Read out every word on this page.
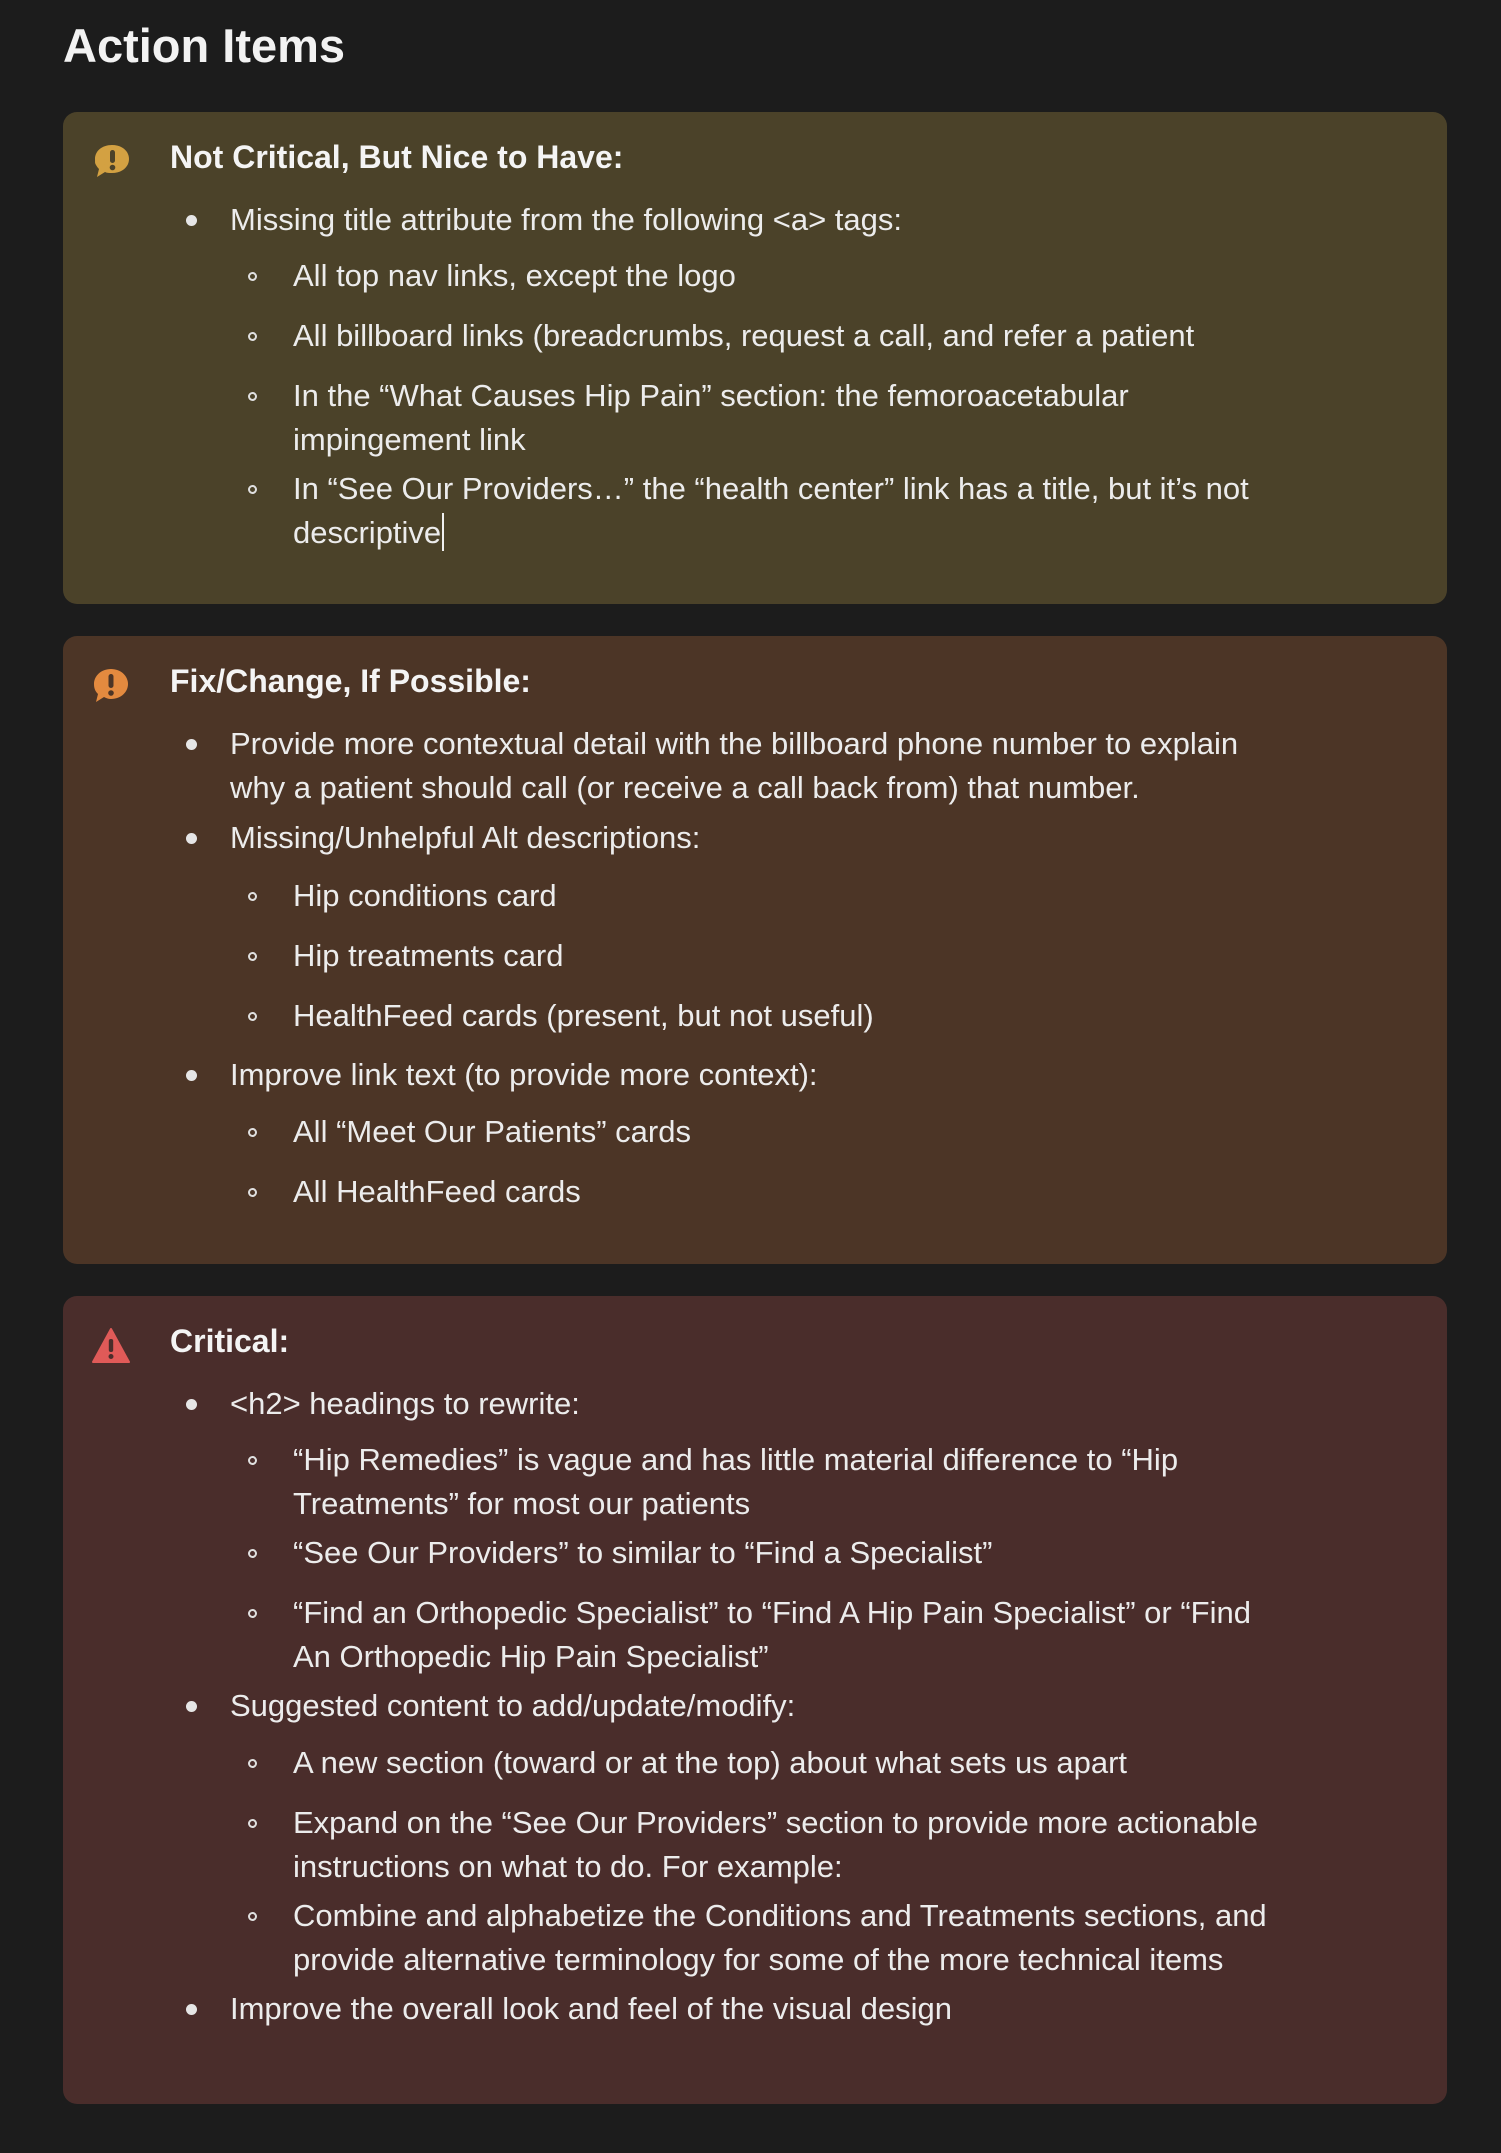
Action Items
Not Critical, But Nice to Have:
Missing title attribute from the following <a> tags:
All top nav links, except the logo
All billboard links (breadcrumbs, request a call, and refer a patient
In the “What Causes Hip Pain” section: the femoroacetabular
impingement link
In “See Our Providers…” the “health center” link has a title, but it’s not
descriptive
Fix/Change, If Possible:
Provide more contextual detail with the billboard phone number to explain
why a patient should call (or receive a call back from) that number.
Missing/Unhelpful Alt descriptions:
Hip conditions card
Hip treatments card
HealthFeed cards (present, but not useful)
Improve link text (to provide more context):
All “Meet Our Patients” cards
All HealthFeed cards
Critical:
<h2> headings to rewrite:
“Hip Remedies” is vague and has little material difference to “Hip
Treatments” for most our patients
“See Our Providers” to similar to “Find a Specialist”
“Find an Orthopedic Specialist” to “Find A Hip Pain Specialist” or “Find
An Orthopedic Hip Pain Specialist”
Suggested content to add/update/modify:
A new section (toward or at the top) about what sets us apart
Expand on the “See Our Providers” section to provide more actionable
instructions on what to do. For example:
Combine and alphabetize the Conditions and Treatments sections, and
provide alternative terminology for some of the more technical items
Improve the overall look and feel of the visual design
